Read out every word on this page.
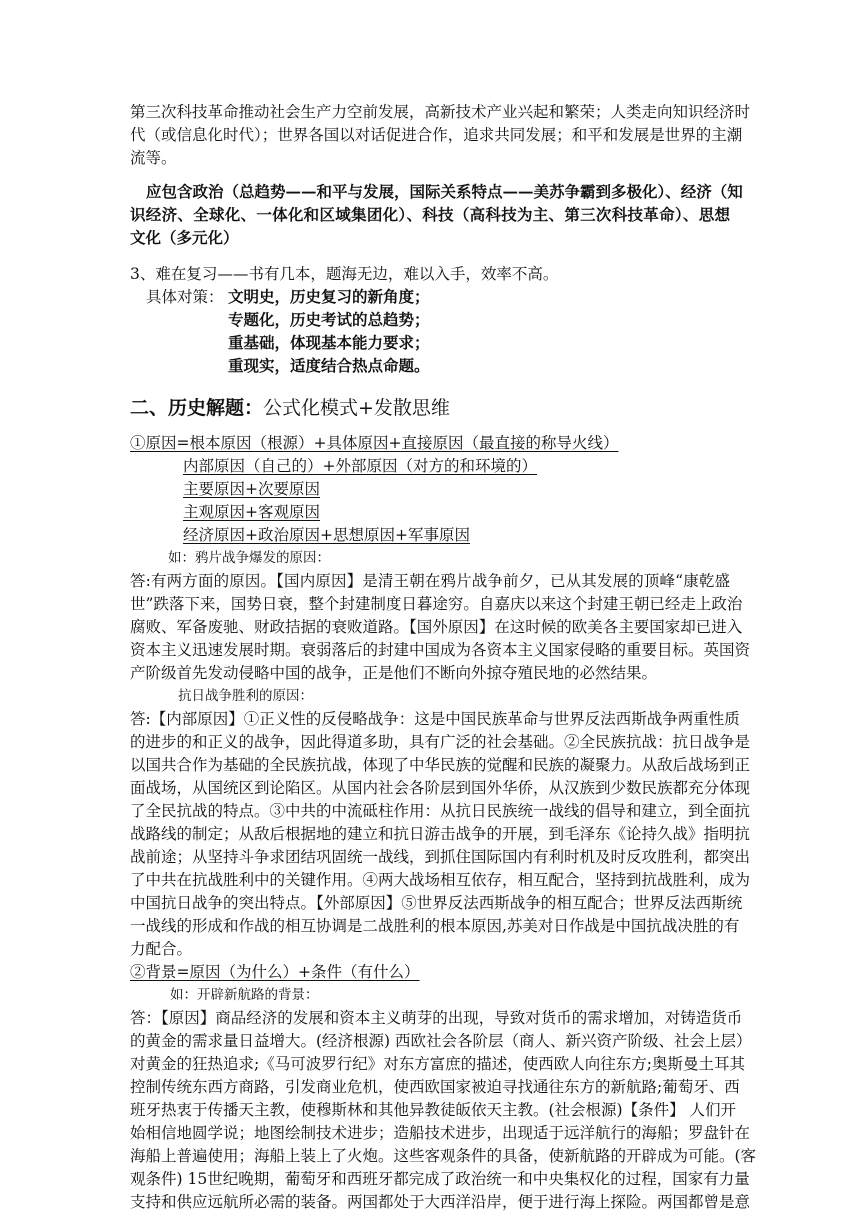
第三次科技革命推动社会生产力空前发展，高新技术产业兴起和繁荣；人类走向知识经济时
代（或信息化时代）；世界各国以对话促进合作，追求共同发展；和平和发展是世界的主潮
流等。
应包含政治（总趋势——和平与发展，国际关系特点——美苏争霸到多极化）、经济（知
识经济、全球化、一体化和区域集团化）、科技（高科技为主、第三次科技革命）、思想
文化（多元化）
3、难在复习——书有几本，题海无边，难以入手，效率不高。
具体对策： 文明史，历史复习的新角度；
专题化，历史考试的总趋势；
重基础，体现基本能力要求；
重现实，适度结合热点命题。
二、历史解题：公式化模式+发散思维
①原因=根本原因（根源）+具体原因+直接原因（最直接的称导火线）
内部原因（自己的）+外部原因（对方的和环境的）
主要原因+次要原因
主观原因+客观原因
经济原因+政治原因+思想原因+军事原因
如：鸦片战争爆发的原因：
答:有两方面的原因。【国内原因】是清王朝在鸦片战争前夕，已从其发展的顶峰“康乾盛
世”跌落下来，国势日衰，整个封建制度日暮途穷。自嘉庆以来这个封建王朝已经走上政治
腐败、军备废驰、财政拮据的衰败道路。【国外原因】在这时候的欧美各主要国家却已进入
资本主义迅速发展时期。衰弱落后的封建中国成为各资本主义国家侵略的重要目标。英国资
产阶级首先发动侵略中国的战争，正是他们不断向外掠夺殖民地的必然结果。
抗日战争胜利的原因：
答:【内部原因】①正义性的反侵略战争：这是中国民族革命与世界反法西斯战争两重性质
的进步的和正义的战争，因此得道多助，具有广泛的社会基础。②全民族抗战：抗日战争是
以国共合作为基础的全民族抗战，体现了中华民族的觉醒和民族的凝聚力。从敌后战场到正
面战场，从国统区到论陷区。从国内社会各阶层到国外华侨，从汉族到少数民族都充分体现
了全民抗战的特点。③中共的中流砥柱作用：从抗日民族统一战线的倡导和建立，到全面抗
战路线的制定；从敌后根据地的建立和抗日游击战争的开展，到毛泽东《论持久战》指明抗
战前途；从坚持斗争求团结巩固统一战线，到抓住国际国内有利时机及时反攻胜利，都突出
了中共在抗战胜利中的关键作用。④两大战场相互依存，相互配合，坚持到抗战胜利，成为
中国抗日战争的突出特点。【外部原因】⑤世界反法西斯战争的相互配合；世界反法西斯统
一战线的形成和作战的相互协调是二战胜利的根本原因,苏美对日作战是中国抗战决胜的有
力配合。
②背景=原因（为什么）+条件（有什么）
如：开辟新航路的背景：
答：【原因】商品经济的发展和资本主义萌芽的出现，导致对货币的需求增加，对铸造货币
的黄金的需求量日益增大。(经济根源) 西欧社会各阶层（商人、新兴资产阶级、社会上层）
对黄金的狂热追求;《马可波罗行纪》对东方富庶的描述，使西欧人向往东方;奥斯曼土耳其
控制传统东西方商路，引发商业危机，使西欧国家被迫寻找通往东方的新航路;葡萄牙、西
班牙热衷于传播天主教，使穆斯林和其他异教徒皈依天主教。(社会根源)【条件】 人们开
始相信地圆学说；地图绘制技术进步；造船技术进步，出现适于远洋航行的海船；罗盘针在
海船上普遍使用；海船上装上了火炮。这些客观条件的具备，使新航路的开辟成为可能。(客
观条件) 15世纪晚期，葡萄牙和西班牙都完成了政治统一和中央集权化的过程，国家有力量
支持和供应远航所必需的装备。两国都处于大西洋沿岸，便于进行海上探险。两国都曾是意
